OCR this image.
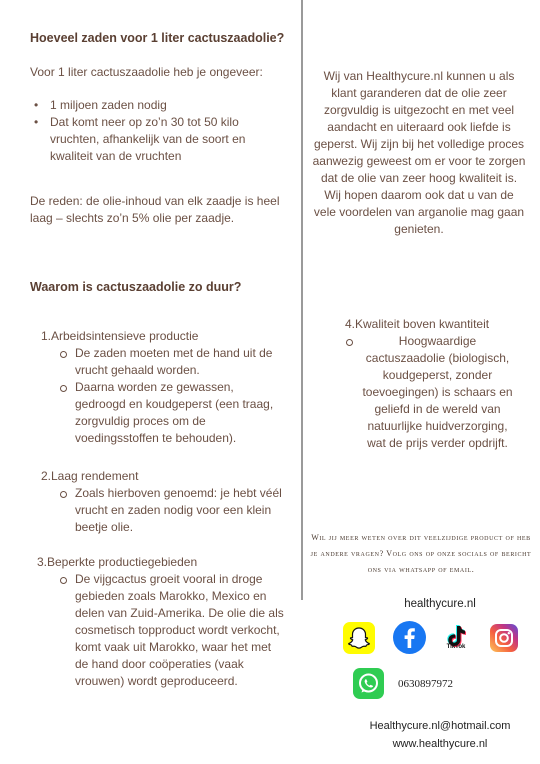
Hoeveel zaden voor 1 liter cactuszaadolie?
Voor 1 liter cactuszaadolie heb je ongeveer:
• 1 miljoen zaden nodig
• Dat komt neer op zo’n 30 tot 50 kilo vruchten, afhankelijk van de soort en kwaliteit van de vruchten
De reden: de olie-inhoud van elk zaadje is heel laag – slechts zo’n 5% olie per zaadje.
Waarom is cactuszaadolie zo duur?
1.Arbeidsintensieve productie
De zaden moeten met de hand uit de vrucht gehaald worden.
Daarna worden ze gewassen, gedroogd en koudgeperst (een traag, zorgvuldig proces om de voedingsstoffen te behouden).
2.Laag rendement
Zoals hierboven genoemd: je hebt véél vrucht en zaden nodig voor een klein beetje olie.
3.Beperkte productiegebieden
De vijgcactus groeit vooral in droge gebieden zoals Marokko, Mexico en delen van Zuid-Amerika. De olie die als cosmetisch topproduct wordt verkocht, komt vaak uit Marokko, waar het met de hand door coöperaties (vaak vrouwen) wordt geproduceerd.
Wij van Healthycure.nl kunnen u als klant garanderen dat de olie zeer zorgvuldig is uitgezocht en met veel aandacht en uiteraard ook liefde is geperst. Wij zijn bij het volledige proces aanwezig geweest om er voor te zorgen dat de olie van zeer hoog kwaliteit is. Wij hopen daarom ook dat u van de vele voordelen van arganolie mag gaan genieten.
4.Kwaliteit boven kwantiteit
Hoogwaardige cactuszaadolie (biologisch, koudgeperst, zonder toevoegingen) is schaars en geliefd in de wereld van natuurlijke huidverzorging, wat de prijs verder opdrijft.
Wil jij meer weten over dit veelzijdige product of heb je andere vragen? Volg ons op onze socials of bericht ons via whatsapp of email.
healthycure.nl
TikTok
0630897972
Healthycure.nl@hotmail.com
www.healthycure.nl
